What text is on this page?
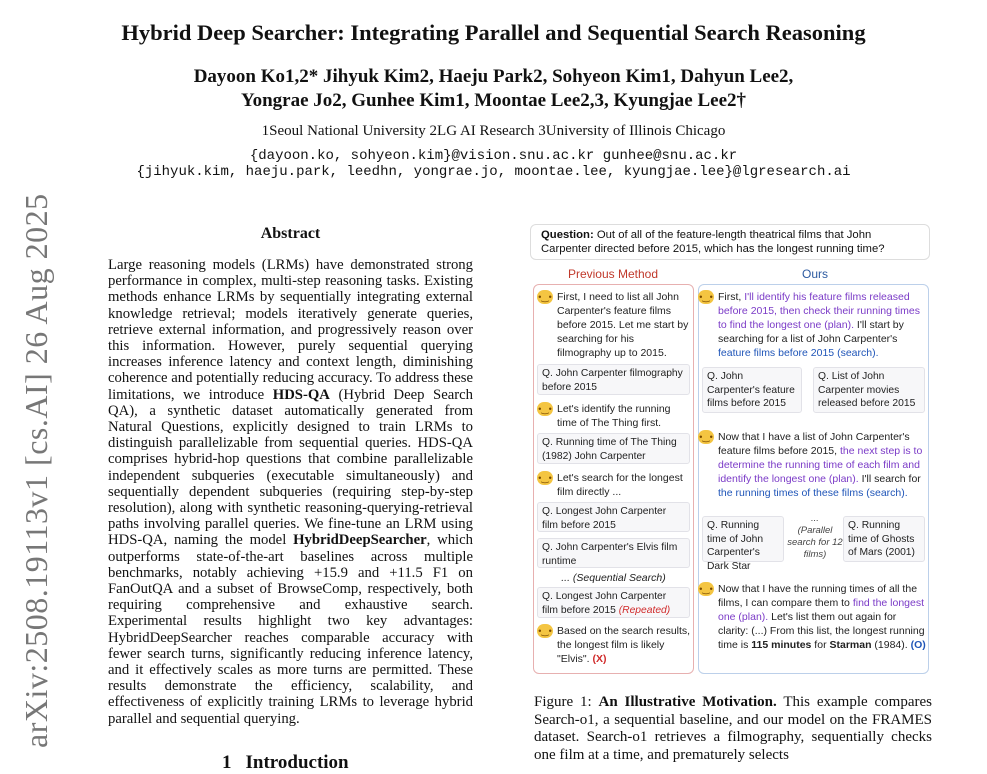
Hybrid Deep Searcher: Integrating Parallel and Sequential Search Reasoning
Dayoon Ko1,2* Jihyuk Kim2, Haeju Park2, Sohyeon Kim1, Dahyun Lee2,
Yongrae Jo2, Gunhee Kim1, Moontae Lee2,3, Kyungjae Lee2†
1Seoul National University 2LG AI Research 3University of Illinois Chicago
{dayoon.ko, sohyeon.kim}@vision.snu.ac.kr gunhee@snu.ac.kr
{jihyuk.kim, haeju.park, leedhn, yongrae.jo, moontae.lee, kyungjae.lee}@lgresearch.ai
arXiv:2508.19113v1 [cs.AI] 26 Aug 2025	Abstract
Large reasoning models (LRMs) have demonstrated strong performance in complex, multi-step reasoning tasks. Existing methods enhance LRMs by sequentially integrating external knowledge retrieval; models iteratively generate queries, retrieve external information, and progressively reason over this information. However, purely sequential querying increases inference latency and context length, diminishing coherence and potentially reducing accuracy. To address these limitations, we introduce HDS-QA (Hybrid Deep Search QA), a synthetic dataset automatically generated from Natural Questions, explicitly designed to train LRMs to distinguish parallelizable from sequential queries. HDS-QA comprises hybrid-hop questions that combine parallelizable independent subqueries (executable simultaneously) and sequentially dependent subqueries (requiring step-by-step resolution), along with synthetic reasoning-querying-retrieval paths involving parallel queries. We fine-tune an LRM using HDS-QA, naming the model HybridDeepSearcher, which outperforms state-of-the-art baselines across multiple benchmarks, notably achieving +15.9 and +11.5 F1 on FanOutQA and a subset of BrowseComp, respectively, both requiring comprehensive and exhaustive search. Experimental results highlight two key advantages: HybridDeepSearcher reaches comparable accuracy with fewer search turns, significantly reducing inference latency, and it effectively scales as more turns are permitted. These results demonstrate the efficiency, scalability, and effectiveness of explicitly training LRMs to leverage hybrid parallel and sequential querying.
1 Introduction
Question: Out of all of the feature-length theatrical films that John Carpenter directed before 2015, which has the longest running time?
Previous Method	Ours
•‿• First, I need to list all John Carpenter's feature films before 2015. Let me start by searching for his filmography up to 2015.
Q. John Carpenter filmography before 2015
•‿• Let's identify the running time of The Thing first.
Q. Running time of The Thing (1982) John Carpenter
•‿• Let's search for the longest film directly ...
Q. Longest John Carpenter film before 2015
Q. John Carpenter's Elvis film runtime
... (Sequential Search)
Q. Longest John Carpenter film before 2015 (Repeated)
•‿• Based on the search results, the longest film is likely "Elvis". (X)
•‿• First, I'll identify his feature films released before 2015, then check their running times to find the longest one (plan). I'll start by searching for a list of John Carpenter's feature films before 2015 (search).
Q. John Carpenter's feature films before 2015
Q. List of John Carpenter movies released before 2015
•‿• Now that I have a list of John Carpenter's feature films before 2015, the next step is to determine the running time of each film and identify the longest one (plan). I'll search for the running times of these films (search).
Q. Running time of John Carpenter's Dark Star
...
(Parallel search for 12 films)
Q. Running time of Ghosts of Mars (2001)
•‿• Now that I have the running times of all the films, I can compare them to find the longest one (plan). Let's list them out again for clarity: (...) From this list, the longest running time is 115 minutes for Starman (1984). (O)
Figure 1: An Illustrative Motivation. This example compares Search-o1, a sequential baseline, and our model on the FRAMES dataset. Search-o1 retrieves a filmography, sequentially checks one film at a time, and prematurely selects
